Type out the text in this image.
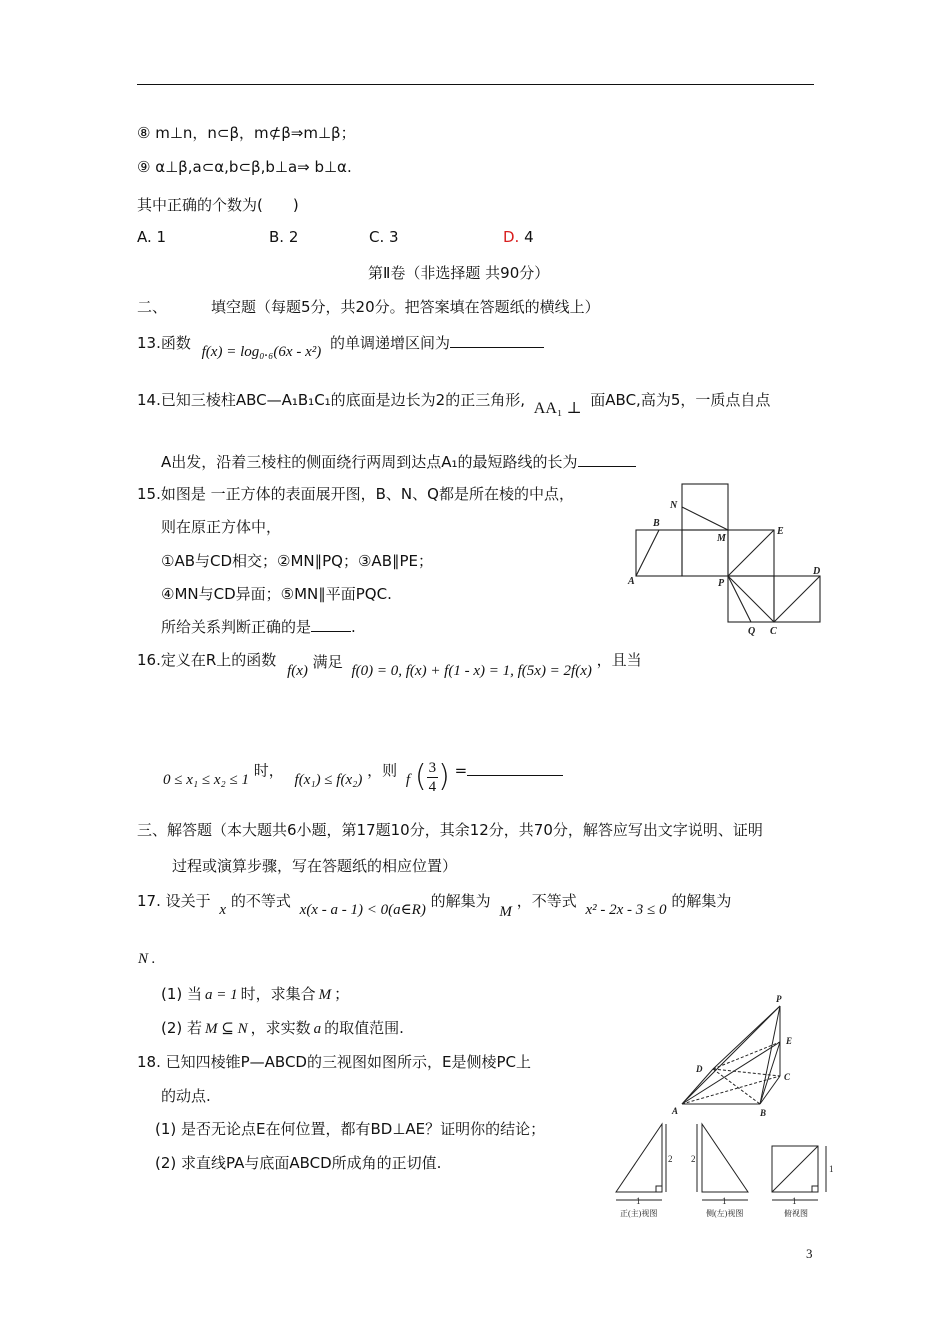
⑧ m⊥n，n⊂β，m⊄β⇒m⊥β；
⑨ α⊥β,a⊂α,b⊂β,b⊥a⇒ b⊥α.
其中正确的个数为(　　)
A. 1	B. 2	C. 3	D. 4
第Ⅱ卷（非选择题 共90分）
二、	填空题（每题5分，共20分。把答案填在答题纸的横线上）
13.函数 f(x) = log₀.₆(6x - x²) 的单调递增区间为
14.已知三棱柱ABC—A₁B₁C₁的底面是边长为2的正三角形, AA₁ ⊥ 面ABC,高为5，一质点自点
A出发，沿着三棱柱的侧面绕行两周到达点A₁的最短路线的长为
15.如图是 一正方体的表面展开图，B、N、Q都是所在棱的中点，
则在原正方体中，
①AB与CD相交；②MN∥PQ；③AB∥PE；
④MN与CD异面；⑤MN∥平面PQC.
所给关系判断正确的是	.
N
B
M
E
D
A	P
Q C
16.定义在R上的函数 f(x) 满足 f(0) = 0, f(x) + f(1 - x) = 1, f(5x) = 2f(x) ，且当
0 ≤ x₁ ≤ x₂ ≤ 1 时， f(x₁) ≤ f(x₂) ，则 f ( $\frac{3}{4}$ ) =
三、解答题（本大题共6小题，第17题10分，其余12分，共70分，解答应写出文字说明、证明
过程或演算步骤，写在答题纸的相应位置）
17. 设关于 x 的不等式 x(x - a - 1) < 0(a∈R) 的解集为 M ，不等式 x² - 2x - 3 ≤ 0 的解集为
N .
(1) 当 a = 1 时，求集合 M ；
(2) 若 M ⊆ N ，求实数 a 的取值范围.
18. 已知四棱锥P—ABCD的三视图如图所示，E是侧棱PC上
的动点.
(1) 是否无论点E在何位置，都有BD⊥AE？证明你的结论；
(2) 求直线PA与底面ABCD所成角的正切值.
P
E
D
C
A	B
2
1
2
1
1
1
正(主)视图	侧(左)视图	俯视图
3
